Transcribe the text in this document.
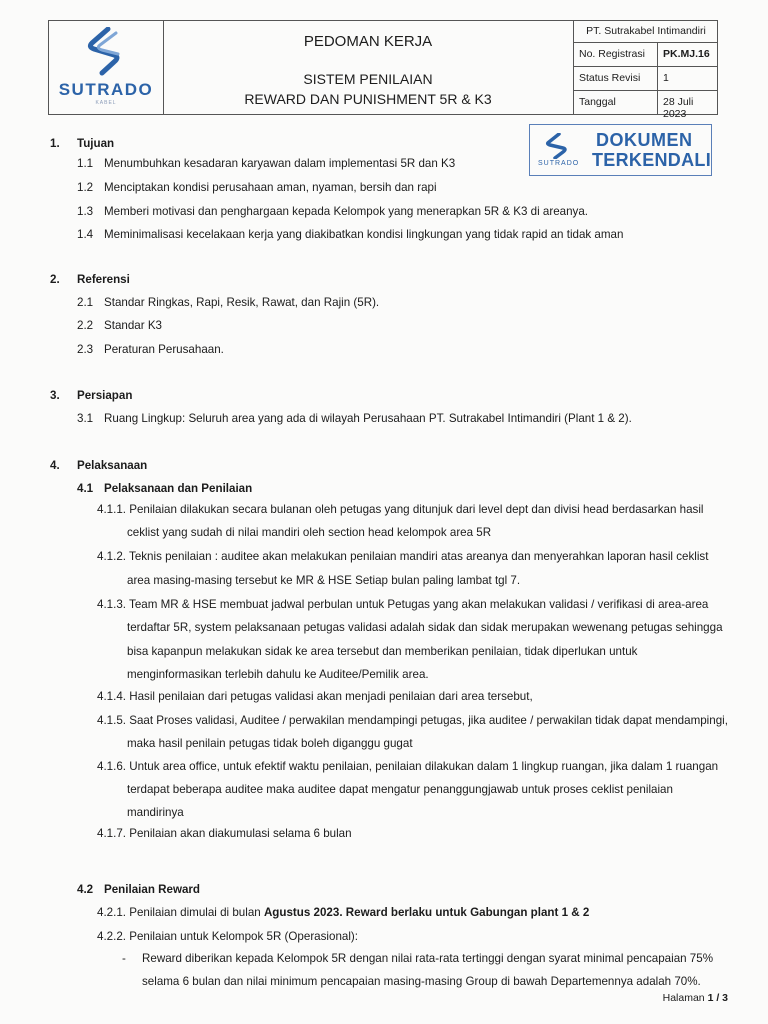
SUTRADO
KABEL
PEDOMAN KERJA
SISTEM PENILAIAN
REWARD DAN PUNISHMENT 5R & K3
PT. Sutrakabel Intimandiri
No. Registrasi PK.MJ.16
Status Revisi 1
Tanggal	28 Juli 2023
SUTRADO
DOKUMEN
TERKENDALI
1. Tujuan
1.1 Menumbuhkan kesadaran karyawan dalam implementasi 5R dan K3
1.2 Menciptakan kondisi perusahaan aman, nyaman, bersih dan rapi
1.3 Memberi motivasi dan penghargaan kepada Kelompok yang menerapkan 5R & K3 di areanya.
1.4 Meminimalisasi kecelakaan kerja yang diakibatkan kondisi lingkungan yang tidak rapid an tidak aman
2. Referensi
2.1 Standar Ringkas, Rapi, Resik, Rawat, dan Rajin (5R).
2.2 Standar K3
2.3 Peraturan Perusahaan.
3. Persiapan
3.1 Ruang Lingkup: Seluruh area yang ada di wilayah Perusahaan PT. Sutrakabel Intimandiri (Plant 1 & 2).
4. Pelaksanaan
4.1 Pelaksanaan dan Penilaian
4.1.1. Penilaian dilakukan secara bulanan oleh petugas yang ditunjuk dari level dept dan divisi head berdasarkan hasil
ceklist yang sudah di nilai mandiri oleh section head kelompok area 5R
4.1.2. Teknis penilaian : auditee akan melakukan penilaian mandiri atas areanya dan menyerahkan laporan hasil ceklist
area masing-masing tersebut ke MR & HSE Setiap bulan paling lambat tgl 7.
4.1.3. Team MR & HSE membuat jadwal perbulan untuk Petugas yang akan melakukan validasi / verifikasi di area-area
terdaftar 5R, system pelaksanaan petugas validasi adalah sidak dan sidak merupakan wewenang petugas sehingga
bisa kapanpun melakukan sidak ke area tersebut dan memberikan penilaian, tidak diperlukan untuk
menginformasikan terlebih dahulu ke Auditee/Pemilik area.
4.1.4. Hasil penilaian dari petugas validasi akan menjadi penilaian dari area tersebut,
4.1.5. Saat Proses validasi, Auditee / perwakilan mendampingi petugas, jika auditee / perwakilan tidak dapat mendampingi,
maka hasil penilain petugas tidak boleh diganggu gugat
4.1.6. Untuk area office, untuk efektif waktu penilaian, penilaian dilakukan dalam 1 lingkup ruangan, jika dalam 1 ruangan
terdapat beberapa auditee maka auditee dapat mengatur penanggungjawab untuk proses ceklist penilaian
mandirinya
4.1.7. Penilaian akan diakumulasi selama 6 bulan
4.2 Penilaian Reward
4.2.1. Penilaian dimulai di bulan Agustus 2023. Reward berlaku untuk Gabungan plant 1 & 2
4.2.2. Penilaian untuk Kelompok 5R (Operasional):
- Reward diberikan kepada Kelompok 5R dengan nilai rata-rata tertinggi dengan syarat minimal pencapaian 75%
selama 6 bulan dan nilai minimum pencapaian masing-masing Group di bawah Departemennya adalah 70%.
Halaman 1 / 3
